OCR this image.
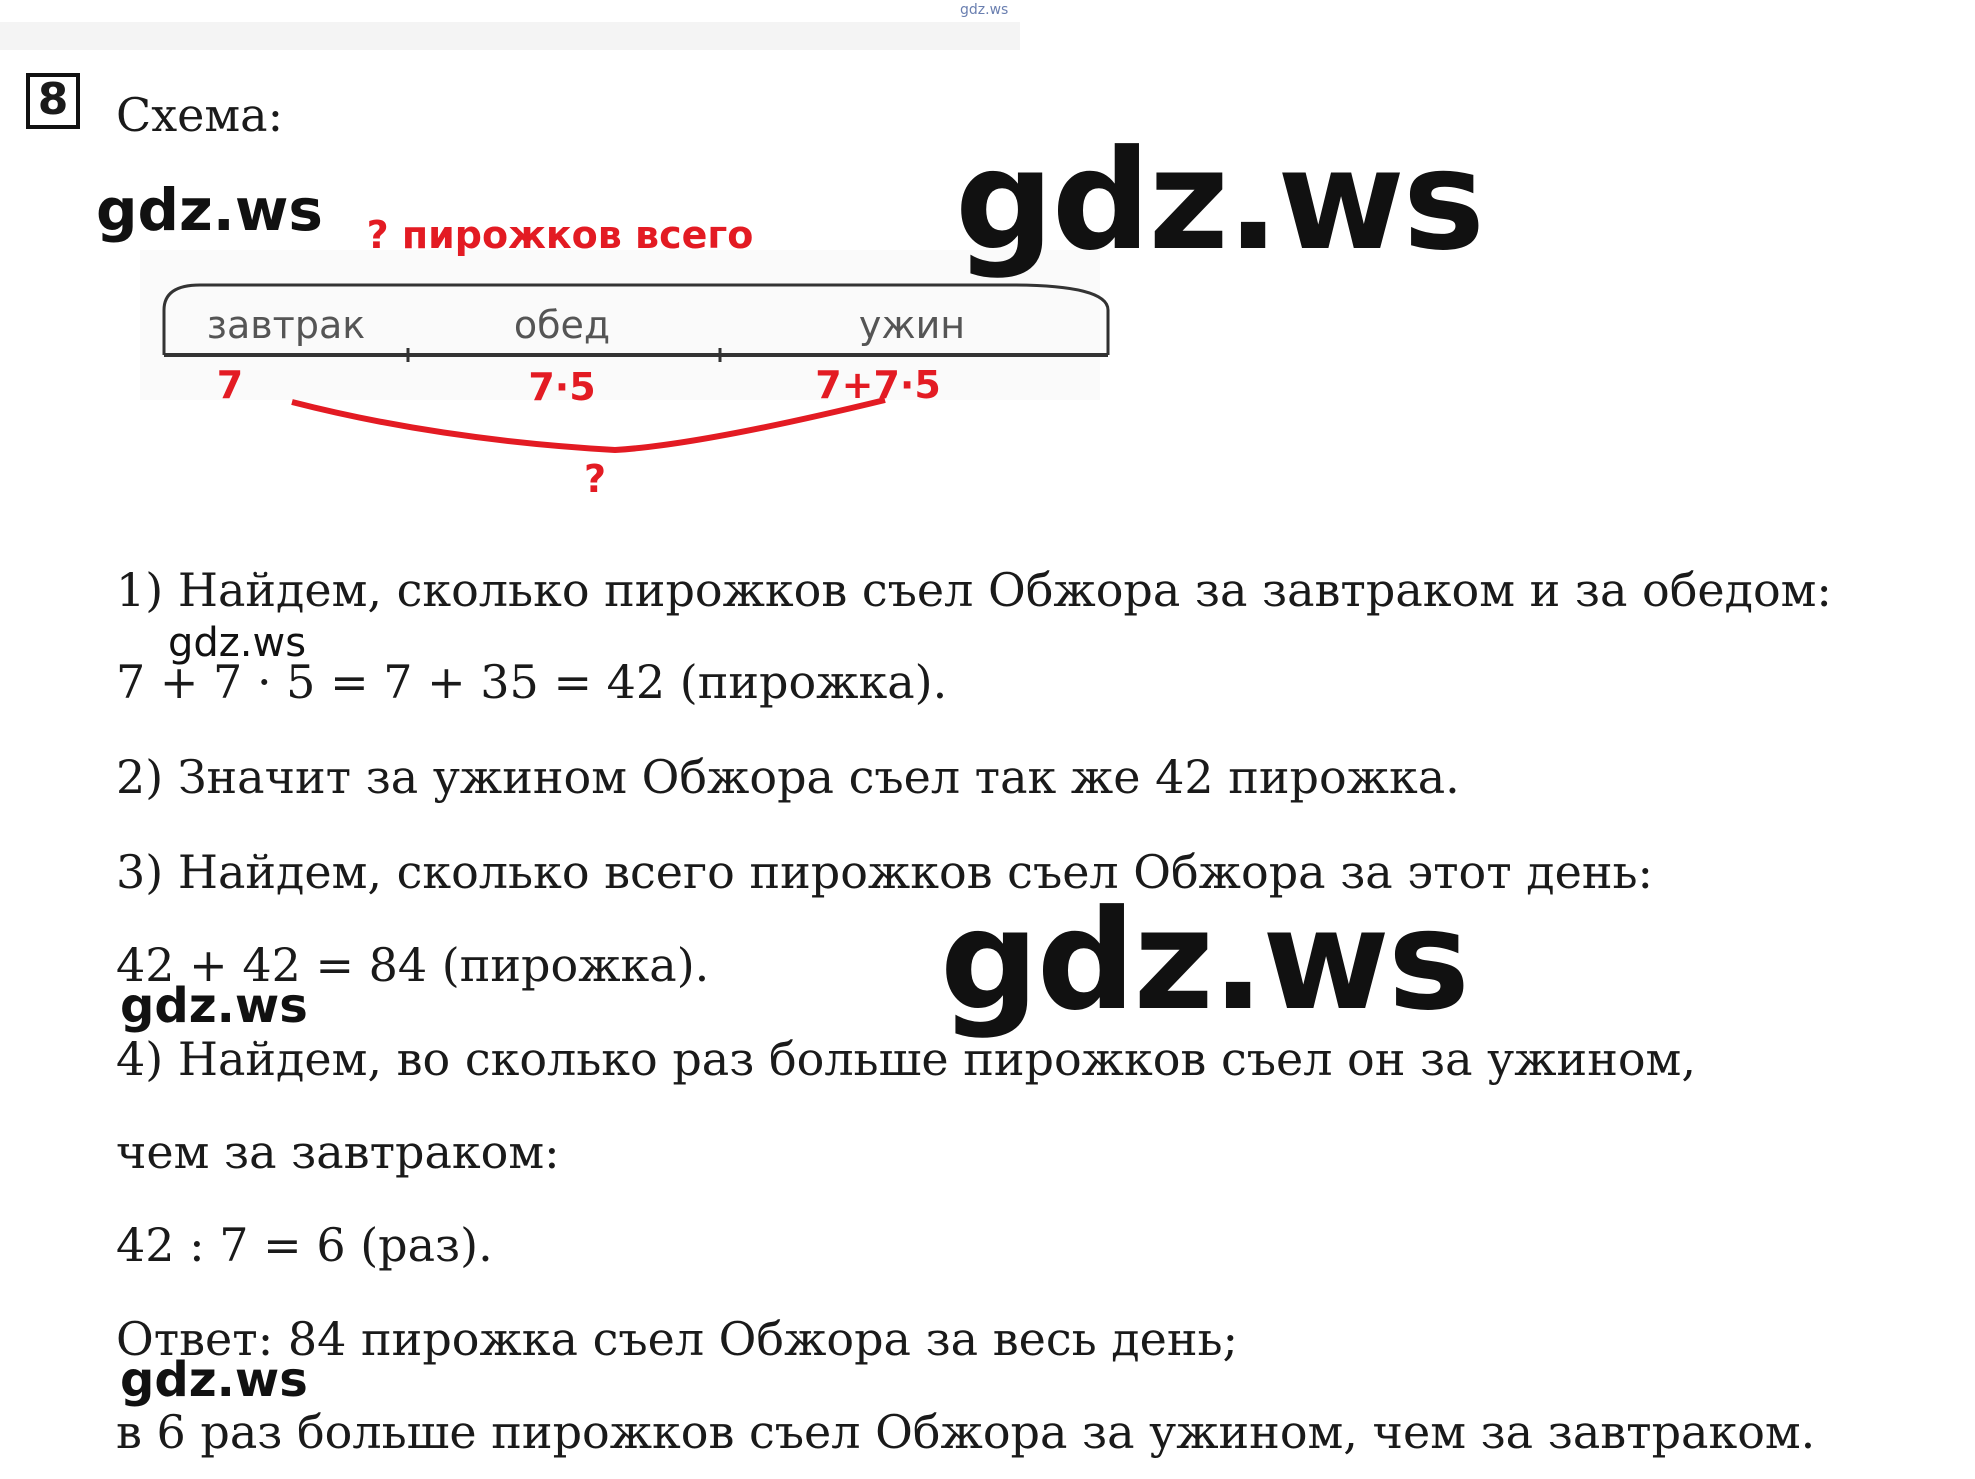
gdz.ws
8 Схема:
? пирожков всего
завтрак	обед	ужин
7	7·5	7+7·5
?
gdz.ws
gdz.ws
gdz.ws
gdz.ws
gdz.ws
gdz.ws
1) Найдем, сколько пирожков съел Обжора за завтраком и за обедом:
7 + 7 · 5 = 7 + 35 = 42 (пирожка).
2) Значит за ужином Обжора съел так же 42 пирожка.
3) Найдем, сколько всего пирожков съел Обжора за этот день:
42 + 42 = 84 (пирожка).
4) Найдем, во сколько раз больше пирожков съел он за ужином,
чем за завтраком:
42 : 7 = 6 (раз).
Ответ: 84 пирожка съел Обжора за весь день;
в 6 раз больше пирожков съел Обжора за ужином, чем за завтраком.
